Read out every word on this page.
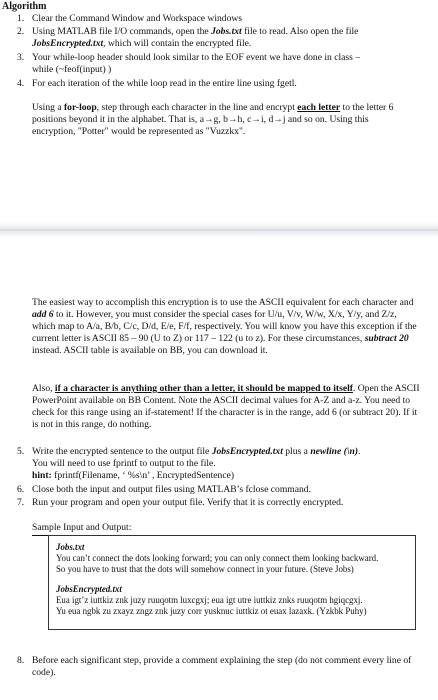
Algorithm
1. Clear the Command Window and Workspace windows
2. Using MATLAB file I/O commands, open the Jobs.txt file to read. Also open the file
JobsEncrypted.txt, which will contain the encrypted file.
3. Your while-loop header should look similar to the EOF event we have done in class –
while (~feof(input) )
4. For each iteration of the while loop read in the entire line using fgetl.
Using a for-loop, step through each character in the line and encrypt each letter to the letter 6 positions beyond it in the alphabet. That is, a→g, b→h, c→i, d→j and so on. Using this encryption, "Potter" would be represented as "Vuzzkx".
The easiest way to accomplish this encryption is to use the ASCII equivalent for each character and add 6 to it. However, you must consider the special cases for U/u, V/v, W/w, X/x, Y/y, and Z/z, which map to A/a, B/b, C/c, D/d, E/e, F/f, respectively. You will know you have this exception if the current letter is ASCII 85 – 90 (U to Z) or 117 – 122 (u to z). For these circumstances, subtract 20 instead. ASCII table is available on BB, you can download it.
Also, if a character is anything other than a letter, it should be mapped to itself. Open the ASCII PowerPoint available on BB Content. Note the ASCII decimal values for A-Z and a-z. You need to check for this range using an if-statement! If the character is in the range, add 6 (or subtract 20). If it is not in this range, do nothing.
5. Write the encrypted sentence to the output file JobsEncrypted.txt plus a newline (\n).
You will need to use fprintf to output to the file.
hint: fprintf(Filename, ‘ %s\n’ , EncryptedSentence)
6. Close both the input and output files using MATLAB’s fclose command.
7. Run your program and open your output file. Verify that it is correctly encrypted.
Sample Input and Output:
Jobs.txt
You can’t connect the dots looking forward; you can only connect them looking backward.
So you have to trust that the dots will somehow connect in your future. (Steve Jobs)
JobsEncrypted.txt
Eua igt’z iuttkiz znk juzy ruuqotm luxcgxj; eua igt utre iuttkiz znks ruuqotm hgiqcgxj.
Yu eua ngbk zu zxayz zngz znk juzy corr yusknuc iuttkiz ot euax lazaxk. (Yzkbk Puhy)
8. Before each significant step, provide a comment explaining the step (do not comment every line of code).
